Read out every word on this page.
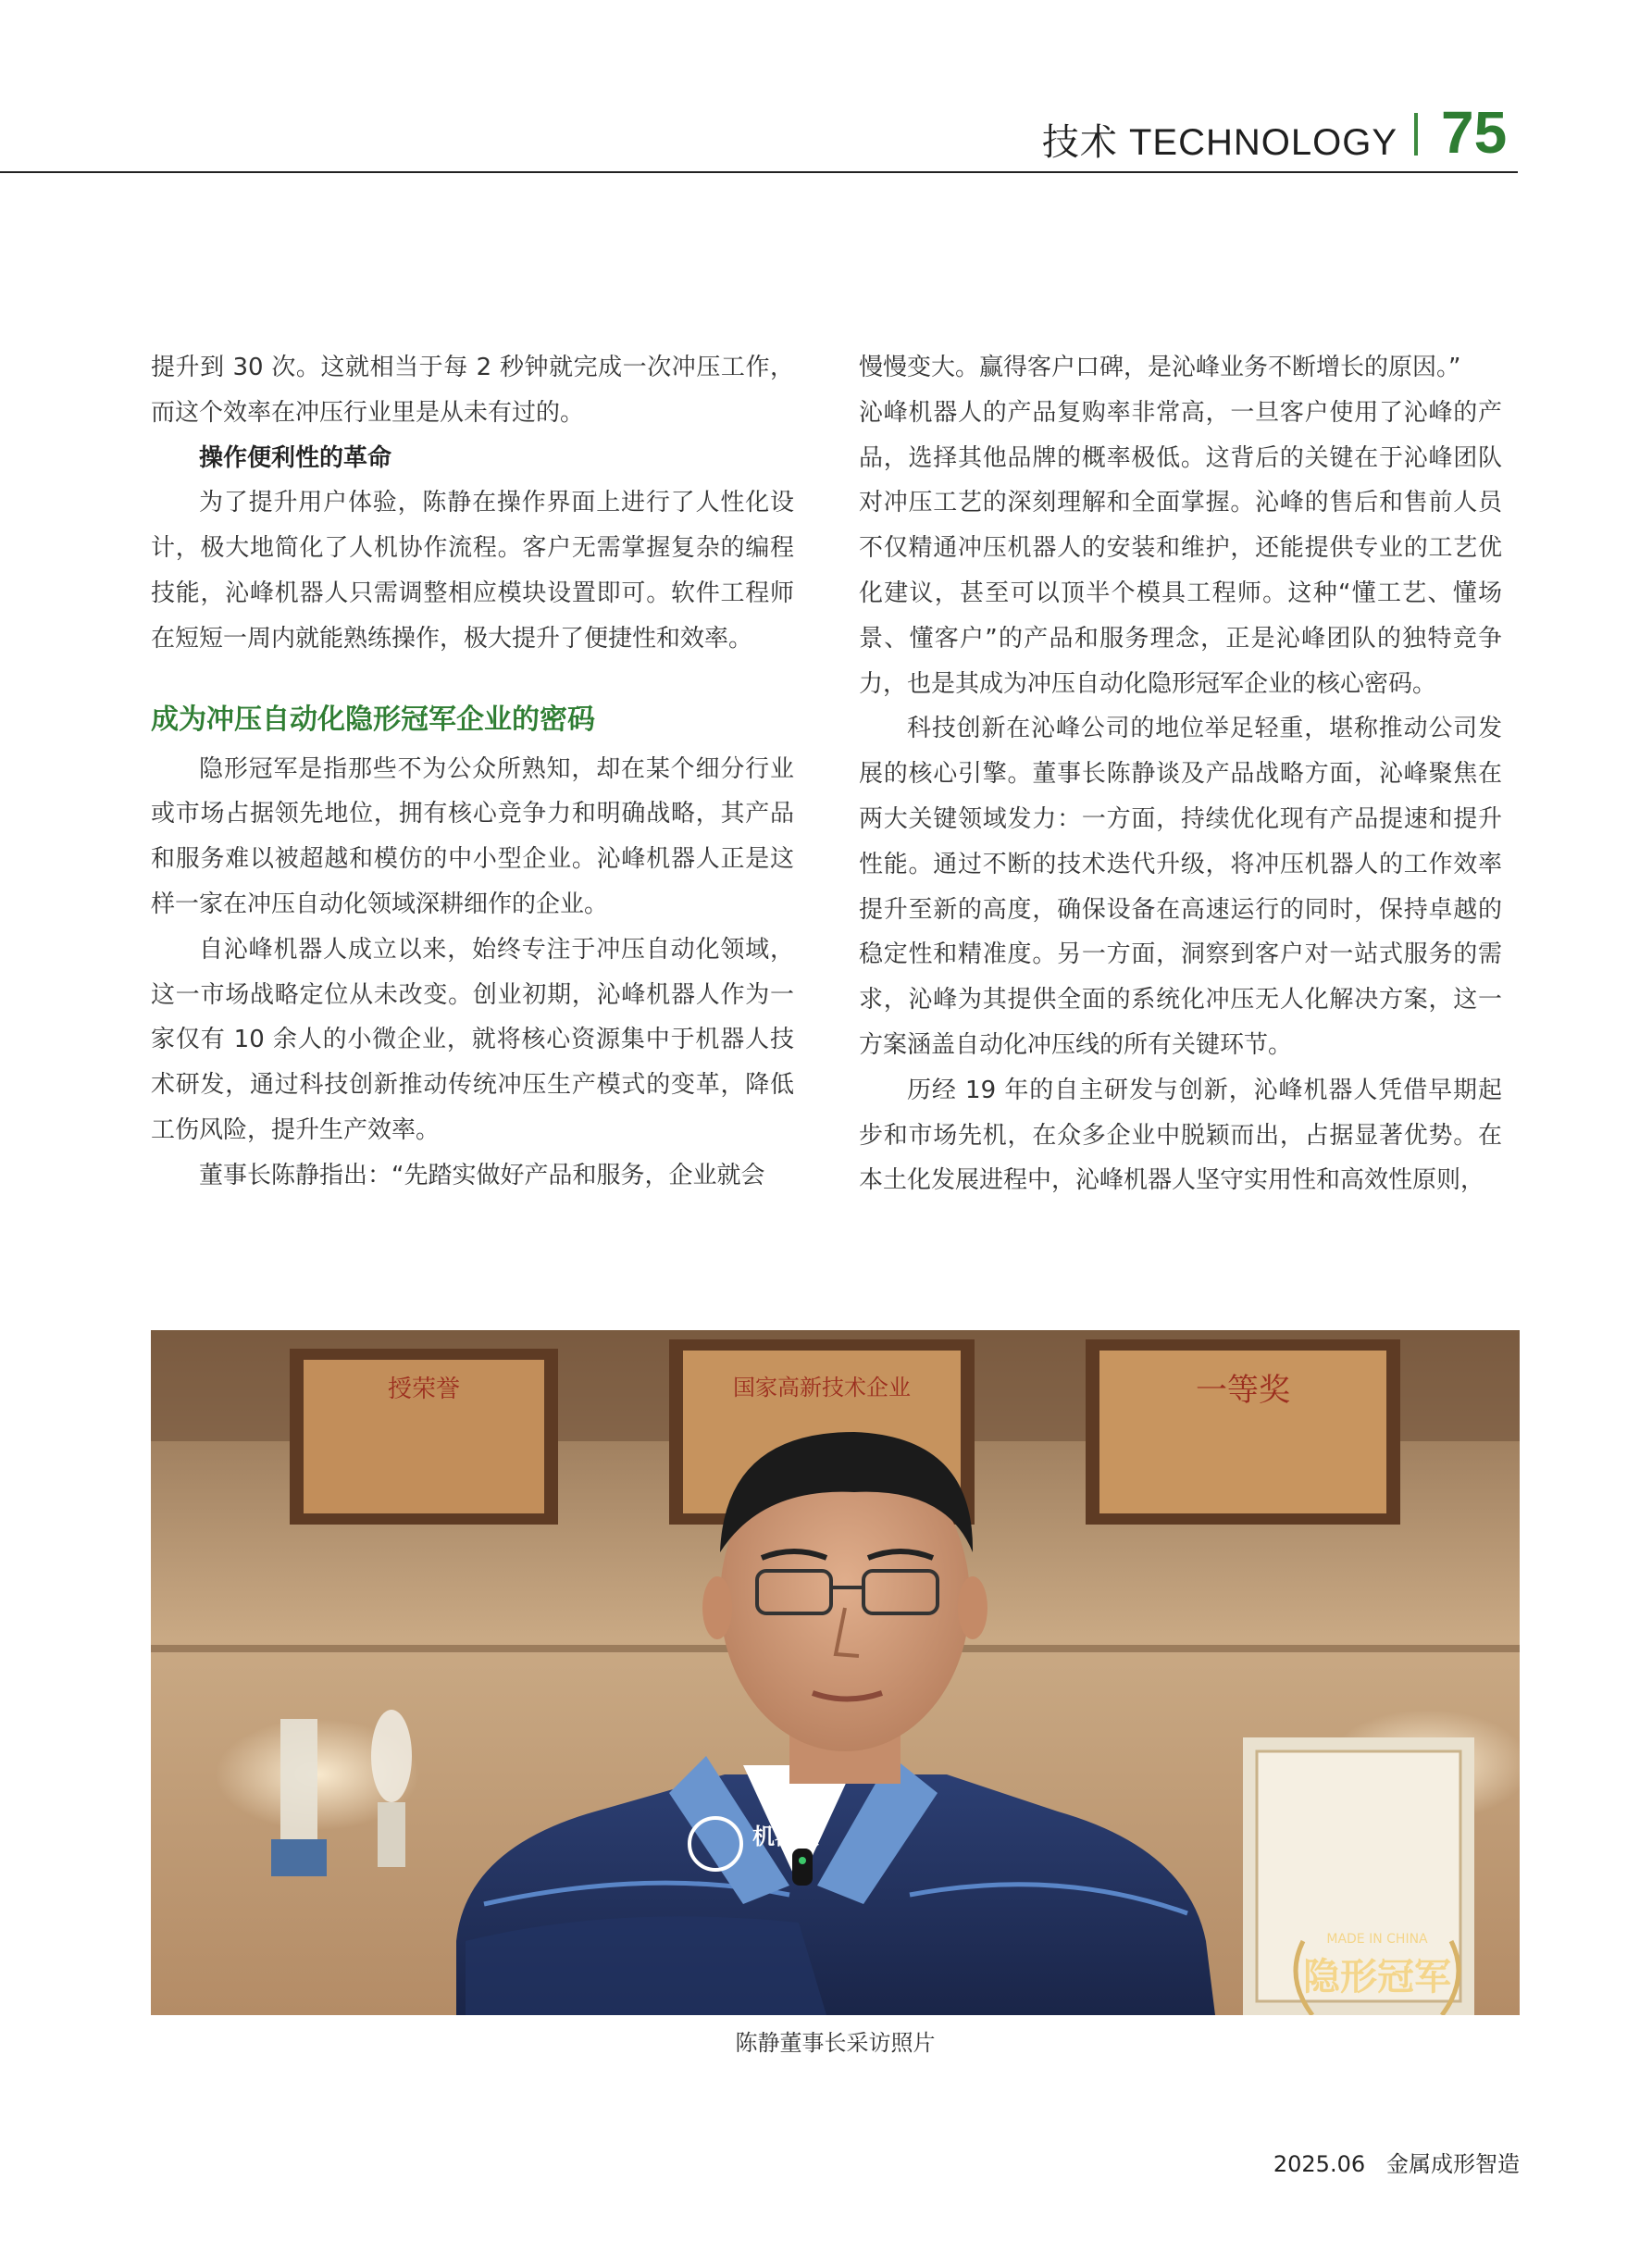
技术 TECHNOLOGY 75

提升到 30 次。这就相当于每 2 秒钟就完成一次冲压工作，而这个效率在冲压行业里是从未有过的。

操作便利性的革命

为了提升用户体验，陈静在操作界面上进行了人性化设计，极大地简化了人机协作流程。客户无需掌握复杂的编程技能，沁峰机器人只需调整相应模块设置即可。软件工程师在短短一周内就能熟练操作，极大提升了便捷性和效率。

成为冲压自动化隐形冠军企业的密码

隐形冠军是指那些不为公众所熟知，却在某个细分行业或市场占据领先地位，拥有核心竞争力和明确战略，其产品和服务难以被超越和模仿的中小型企业。沁峰机器人正是这样一家在冲压自动化领域深耕细作的企业。

自沁峰机器人成立以来，始终专注于冲压自动化领域，这一市场战略定位从未改变。创业初期，沁峰机器人作为一家仅有 10 余人的小微企业，就将核心资源集中于机器人技术研发，通过科技创新推动传统冲压生产模式的变革，降低工伤风险，提升生产效率。

董事长陈静指出：“先踏实做好产品和服务，企业就会

慢慢变大。赢得客户口碑，是沁峰业务不断增长的原因。”

沁峰机器人的产品复购率非常高，一旦客户使用了沁峰的产品，选择其他品牌的概率极低。这背后的关键在于沁峰团队对冲压工艺的深刻理解和全面掌握。沁峰的售后和售前人员不仅精通冲压机器人的安装和维护，还能提供专业的工艺优化建议，甚至可以顶半个模具工程师。这种“懂工艺、懂场景、懂客户”的产品和服务理念，正是沁峰团队的独特竞争力，也是其成为冲压自动化隐形冠军企业的核心密码。

科技创新在沁峰公司的地位举足轻重，堪称推动公司发展的核心引擎。董事长陈静谈及产品战略方面，沁峰聚焦在两大关键领域发力：一方面，持续优化现有产品提速和提升性能。通过不断的技术迭代升级，将冲压机器人的工作效率提升至新的高度，确保设备在高速运行的同时，保持卓越的稳定性和精准度。另一方面，洞察到客户对一站式服务的需求，沁峰为其提供全面的系统化冲压无人化解决方案，这一方案涵盖自动化冲压线的所有关键环节。

历经 19 年的自主研发与创新，沁峰机器人凭借早期起步和市场先机，在众多企业中脱颖而出，占据显著优势。在本土化发展进程中，沁峰机器人坚守实用性和高效性原则，

授荣誉	国家高新技术企业	一等奖
机器人
MADE IN CHINA
隐形冠军
陈静董事长采访照片
2025.06 金属成形智造
